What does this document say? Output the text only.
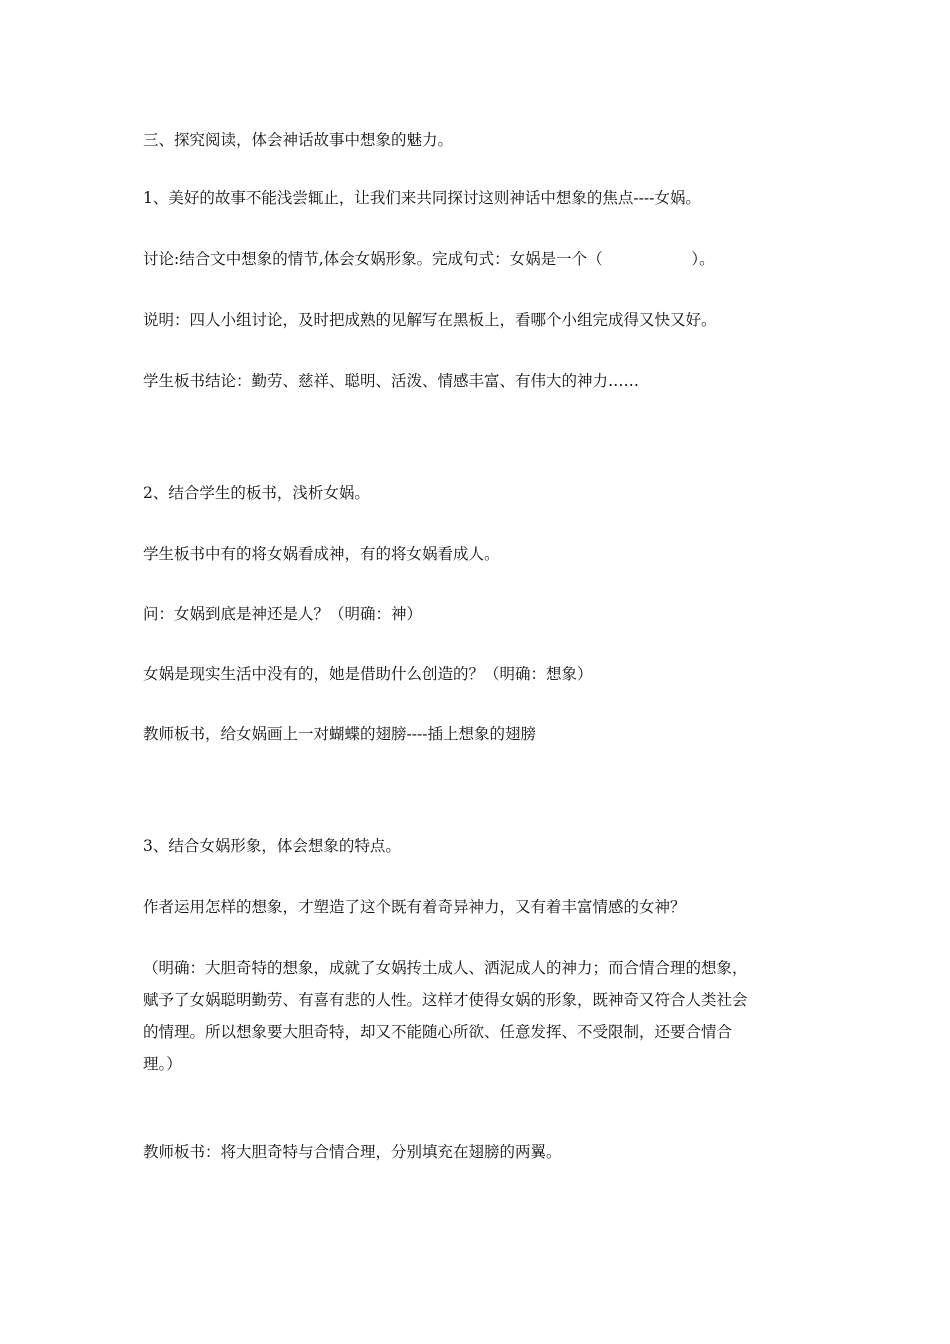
三、探究阅读，体会神话故事中想象的魅力。
1、美好的故事不能浅尝辄止，让我们来共同探讨这则神话中想象的焦点----女娲。
讨论:结合文中想象的情节,体会女娲形象。完成句式：女娲是一个（                  ）。
说明：四人小组讨论，及时把成熟的见解写在黑板上，看哪个小组完成得又快又好。
学生板书结论：勤劳、慈祥、聪明、活泼、情感丰富、有伟大的神力……
2、结合学生的板书，浅析女娲。
学生板书中有的将女娲看成神，有的将女娲看成人。
问：女娲到底是神还是人？（明确：神）
女娲是现实生活中没有的，她是借助什么创造的？（明确：想象）
教师板书，给女娲画上一对蝴蝶的翅膀----插上想象的翅膀
3、结合女娲形象，体会想象的特点。
作者运用怎样的想象，才塑造了这个既有着奇异神力，又有着丰富情感的女神？
（明确：大胆奇特的想象，成就了女娲抟土成人、洒泥成人的神力；而合情合理的想象，
赋予了女娲聪明勤劳、有喜有悲的人性。这样才使得女娲的形象，既神奇又符合人类社会
的情理。所以想象要大胆奇特，却又不能随心所欲、任意发挥、不受限制，还要合情合
理。）
教师板书：将大胆奇特与合情合理，分别填充在翅膀的两翼。
